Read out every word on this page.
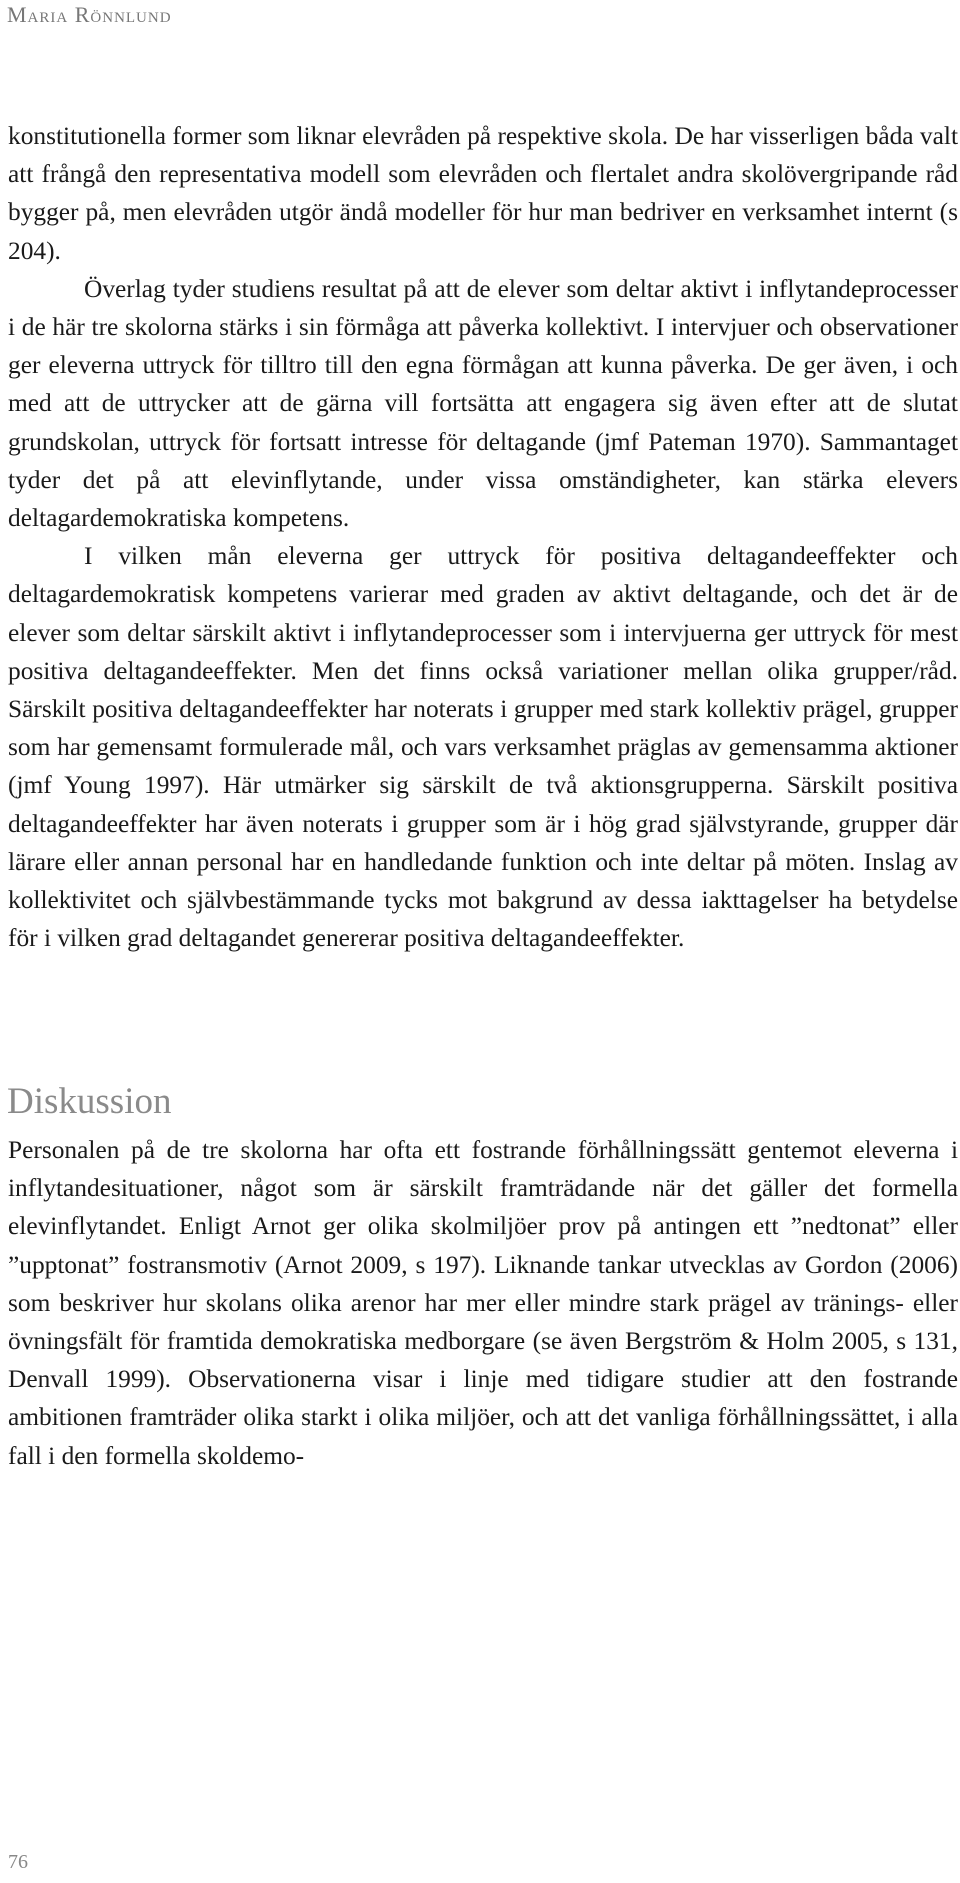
Maria Rönnlund

konstitutionella former som liknar elevråden på respektive skola. De har visserligen båda valt att frångå den representativa modell som elevråden och flertalet andra skolövergripande råd bygger på, men elevråden utgör ändå modeller för hur man bedriver en verksamhet internt (s 204).

Överlag tyder studiens resultat på att de elever som deltar aktivt i inflytandeprocesser i de här tre skolorna stärks i sin förmåga att påverka kollektivt. I intervjuer och observationer ger eleverna uttryck för tilltro till den egna förmågan att kunna påverka. De ger även, i och med att de uttrycker att de gärna vill fortsätta att engagera sig även efter att de slutat grundskolan, uttryck för fortsatt intresse för deltagande (jmf Pateman 1970). Sammantaget tyder det på att elevinflytande, under vissa omständigheter, kan stärka elevers deltagardemokratiska kompetens.

I vilken mån eleverna ger uttryck för positiva deltagandeeffekter och deltagardemokratisk kompetens varierar med graden av aktivt deltagande, och det är de elever som deltar särskilt aktivt i inflytandeprocesser som i intervjuerna ger uttryck för mest positiva deltagandeeffekter. Men det finns också variationer mellan olika grupper/råd. Särskilt positiva deltagandeeffekter har noterats i grupper med stark kollektiv prägel, grupper som har gemensamt formulerade mål, och vars verksamhet präglas av gemensamma aktioner (jmf Young 1997). Här utmärker sig särskilt de två aktionsgrupperna. Särskilt positiva deltagandeeffekter har även noterats i grupper som är i hög grad självstyrande, grupper där lärare eller annan personal har en handledande funktion och inte deltar på möten. Inslag av kollektivitet och självbestämmande tycks mot bakgrund av dessa iakttagelser ha betydelse för i vilken grad deltagandet genererar positiva deltagandeeffekter.

Diskussion

Personalen på de tre skolorna har ofta ett fostrande förhållningssätt gentemot eleverna i inflytandesituationer, något som är särskilt framträdande när det gäller det formella elevinflytandet. Enligt Arnot ger olika skolmiljöer prov på antingen ett ”nedtonat” eller ”upptonat” fostransmotiv (Arnot 2009, s 197). Liknande tankar utvecklas av Gordon (2006) som beskriver hur skolans olika arenor har mer eller mindre stark prägel av tränings- eller övningsfält för framtida demokratiska medborgare (se även Bergström & Holm 2005, s 131, Denvall 1999). Observationerna visar i linje med tidigare studier att den fostrande ambitionen framträder olika starkt i olika miljöer, och att det vanliga förhållningssättet, i alla fall i den formella skoldemo-

76
